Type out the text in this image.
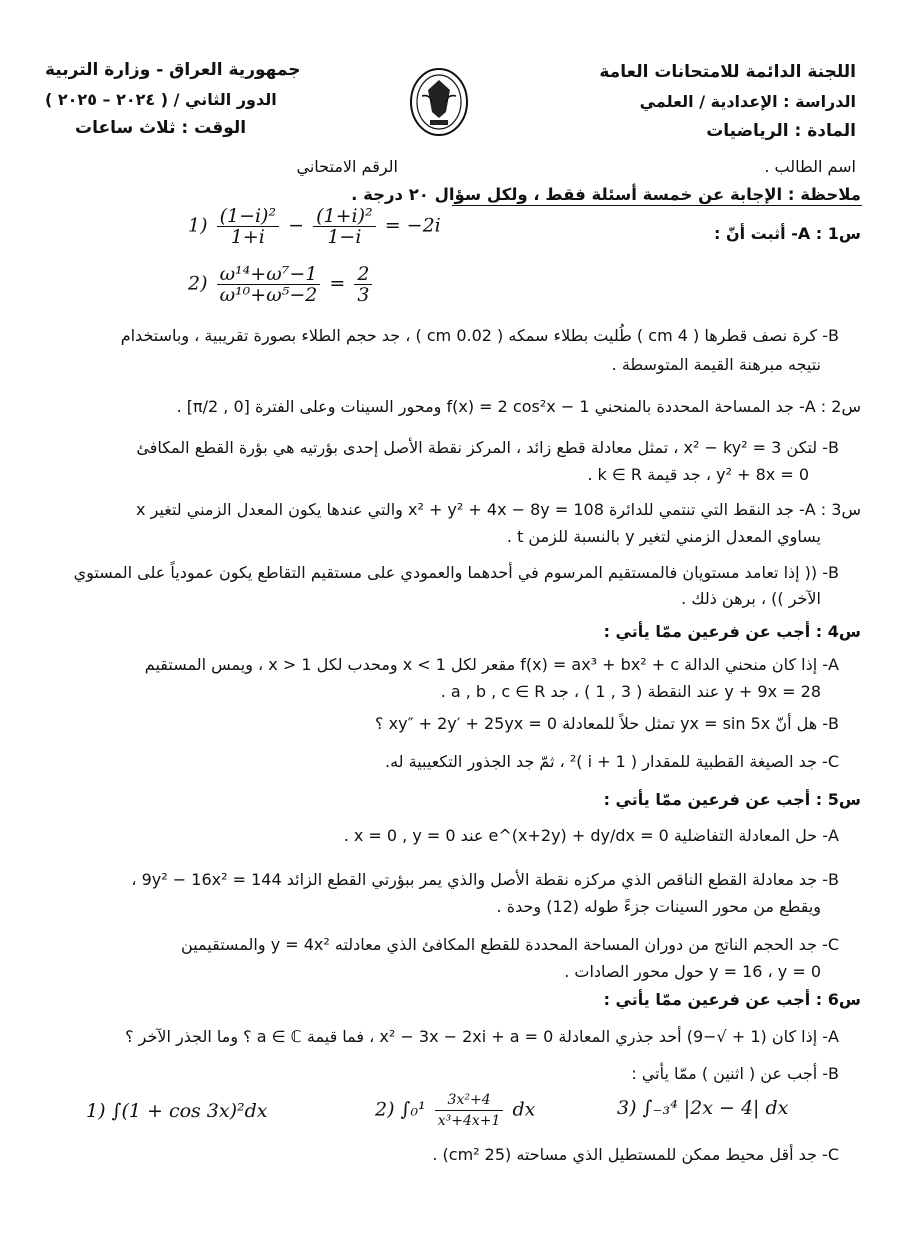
اللجنة الدائمة للامتحانات العامة
الدراسة : الإعدادية / العلمي
المادة : الرياضيات
جمهورية العراق - وزارة التربية
الدور الثاني / ( ٢٠٢٤ – ٢٠٢٥ )
الوقت : ثلاث ساعات
اسم الطالب .
الرقم الامتحاني
ملاحظة : الإجابة عن خمسة أسئلة فقط ، ولكل سؤال ٢٠ درجة .
س1 : A- أثبت أنّ :
$1) \frac{\text{(1−i)²}}{1+i} - \frac{\text{(1+i)²}}{1-i} = -2i$
$2) \frac{\text{ω¹⁴+ω⁷−1}}{\text{ω¹⁰+ω⁵−2}} = \frac{2}{3}$
B- كرة نصف قطرها ( 4 cm ) طُليت بطلاء سمكه ( 0.02 cm ) ، جد حجم الطلاء بصورة تقريبية ، وباستخدام
نتيجه مبرهنة القيمة المتوسطة .
س2 : A- جد المساحة المحددة بالمنحني f(x) = 2 cos²x − 1 ومحور السينات وعلى الفترة [0 , π/2] .
B- لتكن 3 = x² − ky² ، تمثل معادلة قطع زائد ، المركز نقطة الأصل إحدى بؤرتيه هي بؤرة القطع المكافئ
y² + 8x = 0 ، جد قيمة k ∈ R .
س3 : A- جد النقط التي تنتمي للدائرة x² + y² + 4x − 8y = 108 والتي عندها يكون المعدل الزمني لتغير x
يساوي المعدل الزمني لتغير y بالنسبة للزمن t .
B- (( إذا تعامد مستويان فالمستقيم المرسوم في أحدهما والعمودي على مستقيم التقاطع يكون عمودياً على المستوي
الآخر )) ، برهن ذلك .
س4 : أجب عن فرعين ممّا يأتي :
A- إذا كان منحني الدالة f(x) = ax³ + bx² + c مقعر لكل x < 1 ومحدب لكل x > 1 ، ويمس المستقيم
y + 9x = 28 عند النقطة ( 3 , 1 ) ، جد a , b , c ∈ R .
B- هل أنّ yx = sin 5x تمثل حلاً للمعادلة xy″ + 2y′ + 25yx = 0 ؟
C- جد الصيغة القطبية للمقدار ( 1 + i )² ، ثمّ جد الجذور التكعيبية له.
س5 : أجب عن فرعين ممّا يأتي :
A- حل المعادلة التفاضلية e^(x+2y) + dy/dx = 0 عند x = 0 , y = 0 .
B- جد معادلة القطع الناقص الذي مركزه نقطة الأصل والذي يمر ببؤرتي القطع الزائد 9y² − 16x² = 144 ،
ويقطع من محور السينات جزءً طوله (12) وحدة .
C- جد الحجم الناتج من دوران المساحة المحددة للقطع المكافئ الذي معادلته y = 4x² والمستقيمين
y = 16 ، y = 0 حول محور الصادات .
س6 : أجب عن فرعين ممّا يأتي :
A- إذا كان (1 + √−9) أحد جذري المعادلة x² − 3x − 2xi + a = 0 ، فما قيمة a ∈ ℂ ؟ وما الجذر الآخر ؟
B- أجب عن ( اثنين ) ممّا يأتي :
1) ∫(1 + cos 3x)²dx	2) $\int_0^1 \frac{\text{3x²+4}}{\text{x³+4x+1}}$ dx	3) ∫₋₃⁴ |2x − 4| dx
C- جد أقل محيط ممكن للمستطيل الذي مساحته (25 cm²) .
